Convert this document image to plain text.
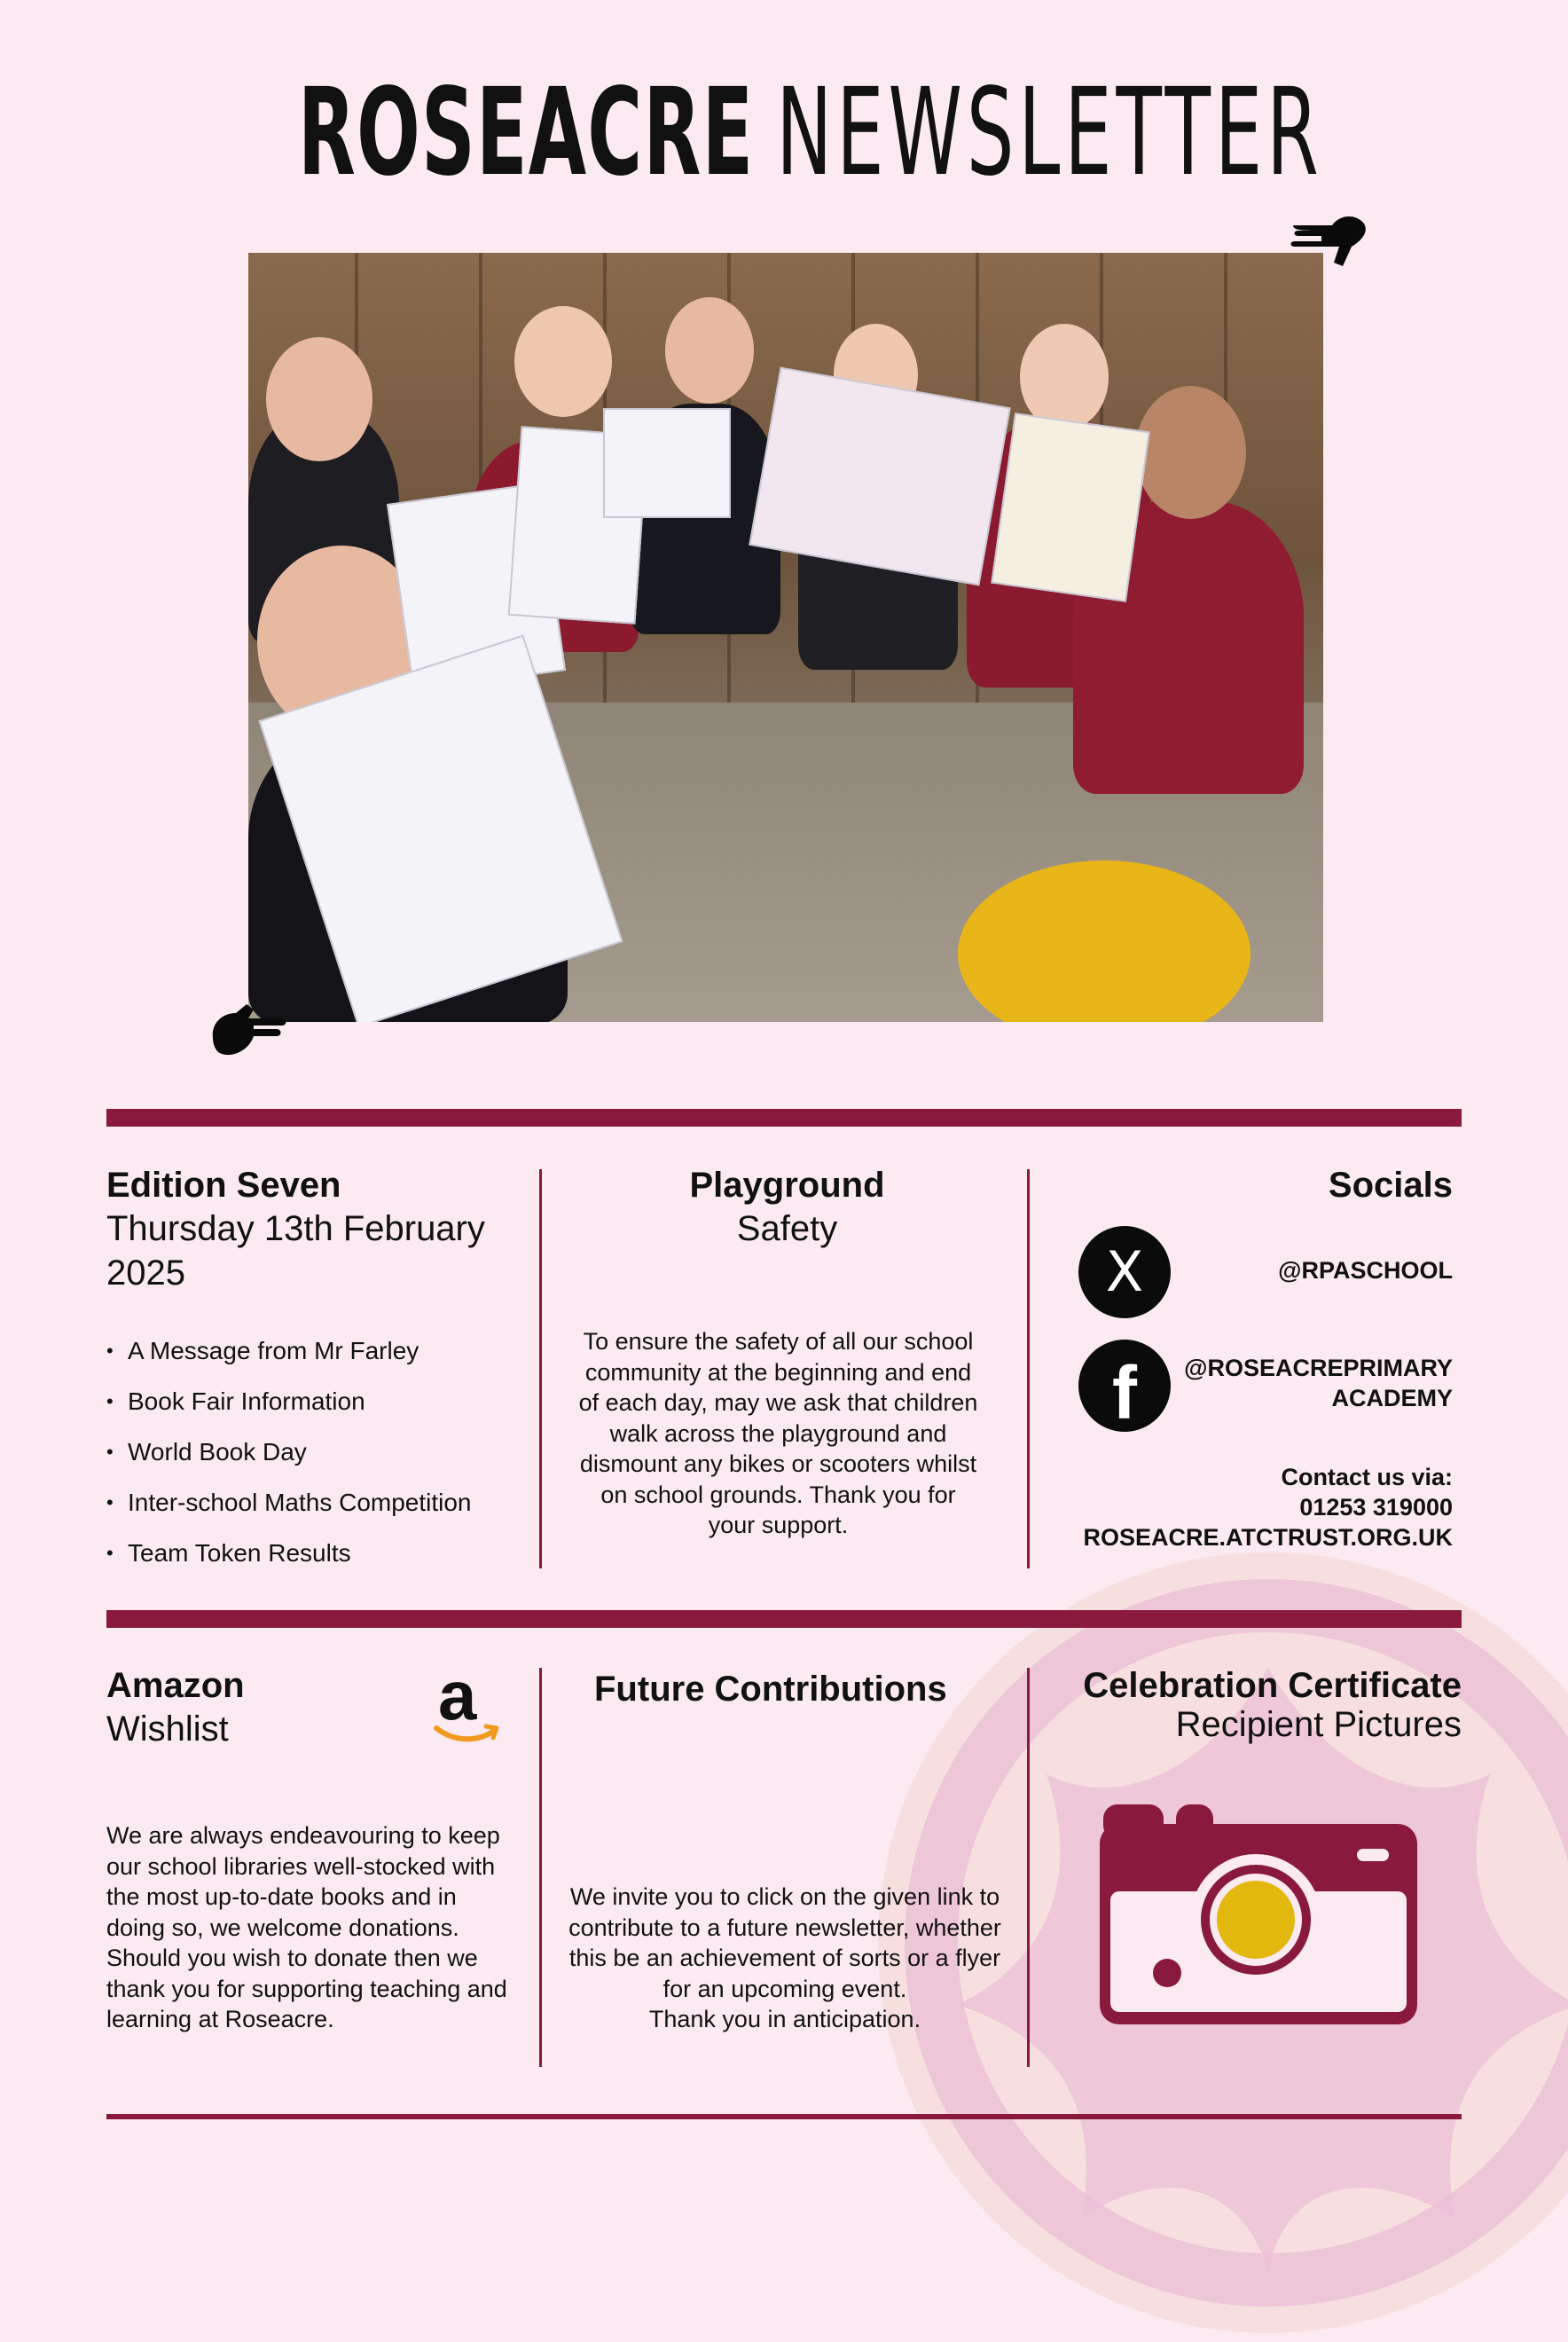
ROSEACRE NEWSLETTER
Edition Seven
Thursday 13th February 2025
• A Message from Mr Farley
• Book Fair Information
• World Book Day
• Inter-school Maths Competition
• Team Token Results
Playground
Safety
To ensure the safety of all our school community at the beginning and end of each day, may we ask that children walk across the playground and dismount any bikes or scooters whilst on school grounds. Thank you for your support.
Socials
X	@RPASCHOOL
f	@ROSEACREPRIMARY
ACADEMY
Contact us via:
01253 319000
ROSEACRE.ATCTRUST.ORG.UK
Amazon
Wishlist	a
We are always endeavouring to keep our school libraries well-stocked with the most up-to-date books and in doing so, we welcome donations. Should you wish to donate then we thank you for supporting teaching and learning at Roseacre.
Future Contributions
We invite you to click on the given link to contribute to a future newsletter, whether this be an achievement of sorts or a flyer for an upcoming event.
Thank you in anticipation.
Celebration Certificate
Recipient Pictures
